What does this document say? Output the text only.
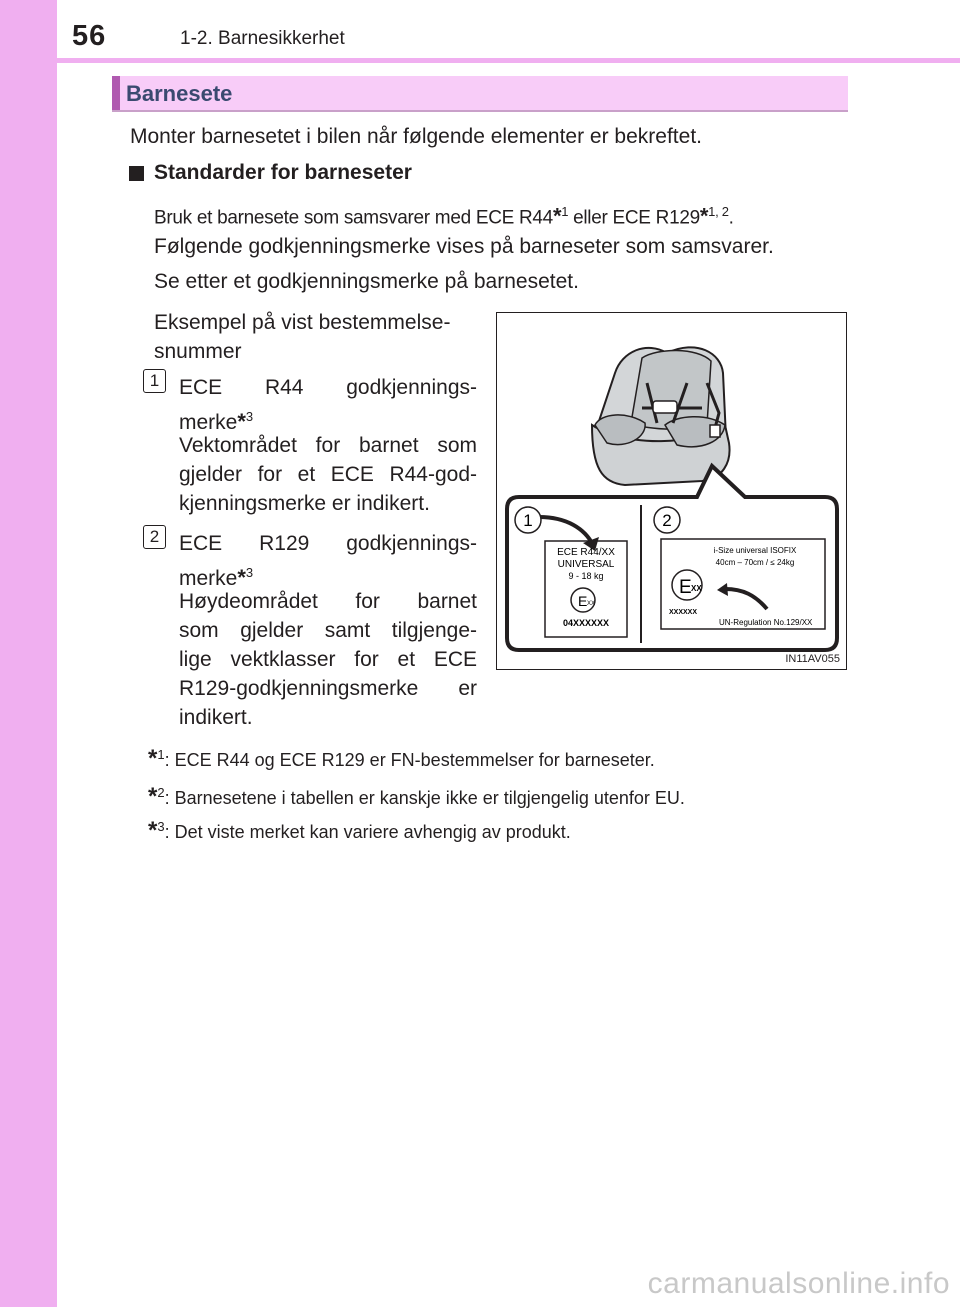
56	1-2. Barnesikkerhet
Barnesete
Monter barnesetet i bilen når følgende elementer er bekreftet.
Standarder for barneseter
Bruk et barnesete som samsvarer med ECE R44*$^1$ eller ECE R129*$^{1, 2}$.
Følgende godkjenningsmerke vises på barneseter som samsvarer.
Se etter et godkjenningsmerke på barnesetet.
Eksempel på vist bestemmelse-
snummer
1 ECE R44 godkjennings-
merke*$^3$
Vektområdet for barnet som
gjelder for et ECE R44-god-
kjenningsmerke er indikert.
2 ECE R129 godkjennings-
merke*$^3$
Høydeområdet for barnet
som gjelder samt tilgjenge-
lige vektklasser for et ECE
R129-godkjenningsmerke er
indikert.
1	2
ECE R44/XX
UNIVERSAL
9 - 18 kg
E XX
04XXXXXX
i-Size universal ISOFIX
40cm – 70cm / ≤ 24kg
E XX
XXXXXX
UN-Regulation No.129/XX
IN11AV055
*$^1$: ECE R44 og ECE R129 er FN-bestemmelser for barneseter.
*$^2$: Barnesetene i tabellen er kanskje ikke er tilgjengelig utenfor EU.
*$^3$: Det viste merket kan variere avhengig av produkt.
carmanualsonline.info
